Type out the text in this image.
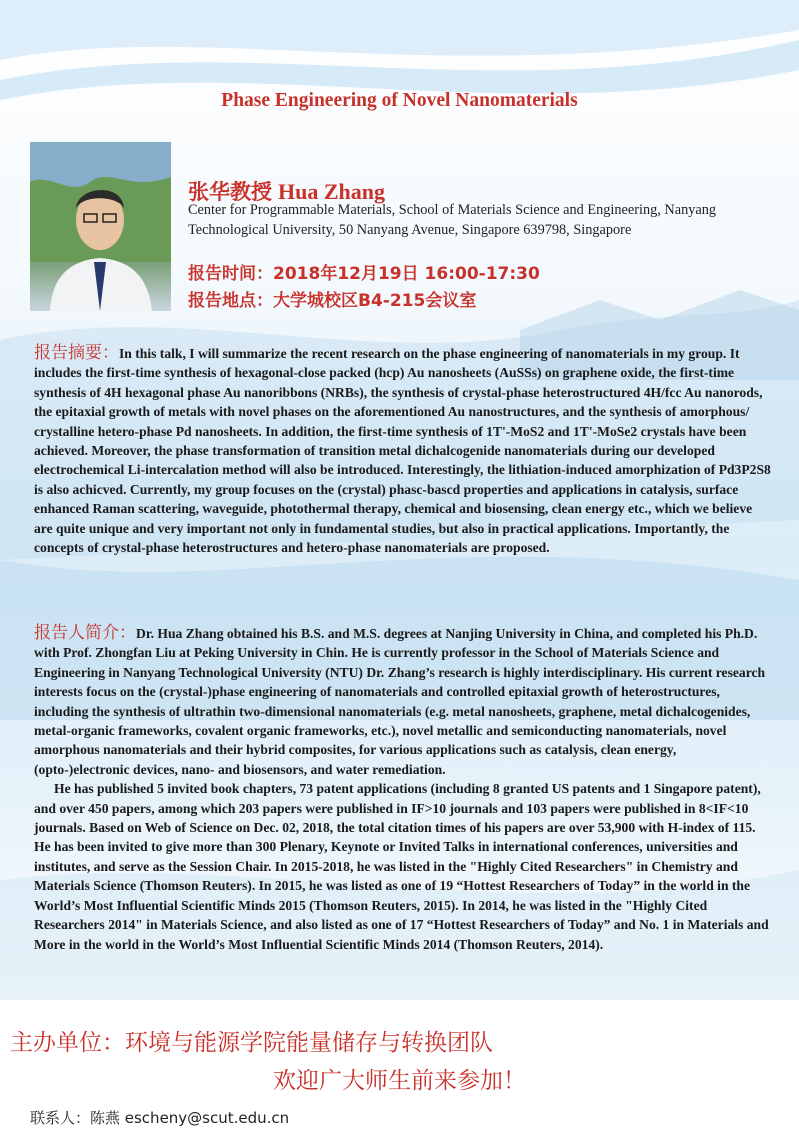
Phase Engineering of Novel Nanomaterials
张华教授 Hua Zhang
Center for Programmable Materials, School of Materials Science and Engineering, Nanyang Technological University, 50 Nanyang Avenue, Singapore 639798, Singapore
报告时间：2018年12月19日 16:00-17:30
报告地点：大学城校区B4-215会议室
报告摘要：In this talk, I will summarize the recent research on the phase engineering of nanomaterials in my group. It includes the first-time synthesis of hexagonal-close packed (hcp) Au nanosheets (AuSSs) on graphene oxide, the first-time synthesis of 4H hexagonal phase Au nanoribbons (NRBs), the synthesis of crystal-phase heterostructured 4H/fcc Au nanorods, the epitaxial growth of metals with novel phases on the aforementioned Au nanostructures, and the synthesis of amorphous/ crystalline hetero-phase Pd nanosheets. In addition, the first-time synthesis of 1T'-MoS2 and 1T'-MoSe2 crystals have been achieved. Moreover, the phase transformation of transition metal dichalcogenide nanomaterials during our developed electrochemical Li-intercalation method will also be introduced. Interestingly, the lithiation-induced amorphization of Pd3P2S8 is also achicved. Currently, my group focuses on the (crystal) phasc-bascd properties and applications in catalysis, surface enhanced Raman scattering, waveguide, photothermal therapy, chemical and biosensing, clean energy etc., which we believe are quite unique and very important not only in fundamental studies, but also in practical applications. Importantly, the concepts of crystal-phase heterostructures and hetero-phase nanomaterials are proposed.
报告人简介：Dr. Hua Zhang obtained his B.S. and M.S. degrees at Nanjing University in China, and completed his Ph.D. with Prof. Zhongfan Liu at Peking University in Chin. He is currently professor in the School of Materials Science and Engineering in Nanyang Technological University (NTU) Dr. Zhang’s research is highly interdisciplinary. His current research interests focus on the (crystal-)phase engineering of nanomaterials and controlled epitaxial growth of heterostructures, including the synthesis of ultrathin two-dimensional nanomaterials (e.g. metal nanosheets, graphene, metal dichalcogenides, metal-organic frameworks, covalent organic frameworks, etc.), novel metallic and semiconducting nanomaterials, novel amorphous nanomaterials and their hybrid composites, for various applications such as catalysis, clean energy, (opto-)electronic devices, nano- and biosensors, and water remediation.
He has published 5 invited book chapters, 73 patent applications (including 8 granted US patents and 1 Singapore patent), and over 450 papers, among which 203 papers were published in IF>10 journals and 103 papers were published in 8<IF<10 journals. Based on Web of Science on Dec. 02, 2018, the total citation times of his papers are over 53,900 with H-index of 115. He has been invited to give more than 300 Plenary, Keynote or Invited Talks in international conferences, universities and institutes, and serve as the Session Chair. In 2015-2018, he was listed in the "Highly Cited Researchers" in Chemistry and Materials Science (Thomson Reuters). In 2015, he was listed as one of 19 “Hottest Researchers of Today” in the world in the World’s Most Influential Scientific Minds 2015 (Thomson Reuters, 2015). In 2014, he was listed in the "Highly Cited Researchers 2014" in Materials Science, and also listed as one of 17 “Hottest Researchers of Today” and No. 1 in Materials and More in the world in the World’s Most Influential Scientific Minds 2014 (Thomson Reuters, 2014).
主办单位：环境与能源学院能量储存与转换团队
欢迎广大师生前来参加！
联系人：陈燕 escheny@scut.edu.cn
